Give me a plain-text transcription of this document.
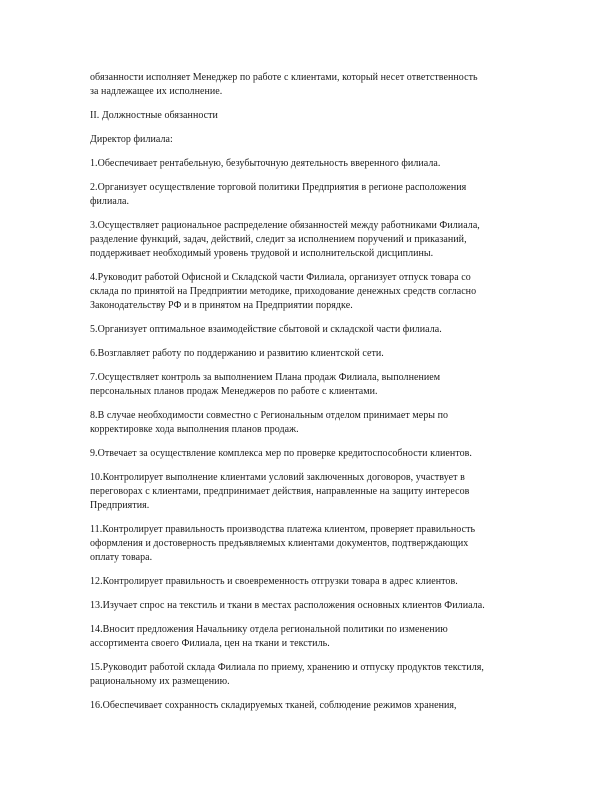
обязанности исполняет Менеджер по работе с клиентами, который несет ответственность
за надлежащее их исполнение.

II. Должностные обязанности

Директор филиала:

1.Обеспечивает рентабельную, безубыточную деятельность вверенного филиала.

2.Организует осуществление торговой политики Предприятия в регионе расположения
филиала.

3.Осуществляет рациональное распределение обязанностей между работниками Филиала,
разделение функций, задач, действий, следит за исполнением поручений и приказаний,
поддерживает необходимый уровень трудовой и исполнительской дисциплины.

4.Руководит работой Офисной и Складской части Филиала, организует отпуск товара со
склада по принятой на Предприятии методике, приходование денежных средств согласно
Законодательству РФ и в принятом на Предприятии порядке.

5.Организует оптимальное взаимодействие сбытовой и складской части филиала.

6.Возглавляет работу по поддержанию и развитию клиентской сети.

7.Осуществляет контроль за выполнением Плана продаж Филиала, выполнением
персональных планов продаж Менеджеров по работе с клиентами.

8.В случае необходимости совместно с Региональным отделом принимает меры по
корректировке хода выполнения планов продаж.

9.Отвечает за осуществление комплекса мер по проверке кредитоспособности клиентов.

10.Контролирует выполнение клиентами условий заключенных договоров, участвует в
переговорах с клиентами, предпринимает действия, направленные на защиту интересов
Предприятия.

11.Контролирует правильность производства платежа клиентом, проверяет правильность
оформления и достоверность предъявляемых клиентами документов, подтверждающих
оплату товара.

12.Контролирует правильность и своевременность отгрузки товара в адрес клиентов.

13.Изучает спрос на текстиль и ткани в местах расположения основных клиентов Филиала.

14.Вносит предложения Начальнику отдела региональной политики по изменению
ассортимента своего Филиала, цен на ткани и текстиль.

15.Руководит работой склада Филиала по приему, хранению и отпуску продуктов текстиля,
рациональному их размещению.

16.Обеспечивает сохранность складируемых тканей, соблюдение режимов хранения,
